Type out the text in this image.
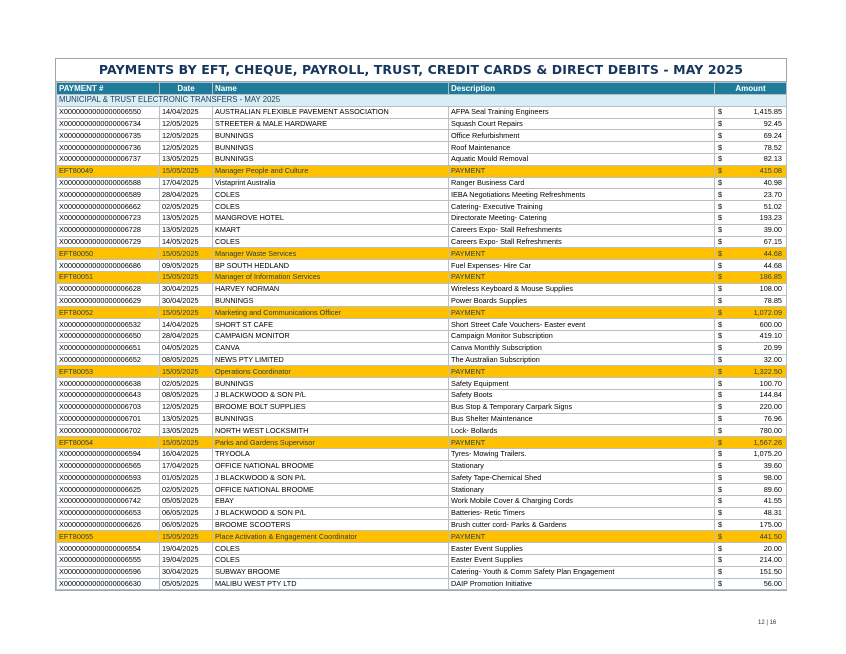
PAYMENTS BY EFT, CHEQUE, PAYROLL, TRUST, CREDIT CARDS & DIRECT DEBITS - MAY 2025
PAYMENT #	Date	Name	Description	Amount	
MUNICIPAL & TRUST ELECTRONIC TRANSFERS - MAY 2025					
X0000000000000006550	14/04/2025	AUSTRALIAN FLEXIBLE PAVEMENT ASSOCIATION	AFPA Seal Training Engineers	$	1,415.85
X0000000000000006734	12/05/2025	STREETER & MALE HARDWARE	Squash Court Repairs	$	92.45
X0000000000000006735	12/05/2025	BUNNINGS	Office Refurbishment	$	69.24
X0000000000000006736	12/05/2025	BUNNINGS	Roof Maintenance	$	78.52
X0000000000000006737	13/05/2025	BUNNINGS	Aquatic Mould Removal	$	82.13
EFT80049	15/05/2025	Manager People and Culture	PAYMENT	$	415.08
X0000000000000006588	17/04/2025	Vistaprint Australia	Ranger Business Card	$	40.98
X0000000000000006589	28/04/2025	COLES	IEBA Negotiations Meeting Refreshments	$	23.70
X0000000000000006662	02/05/2025	COLES	Catering- Executive Training	$	51.02
X0000000000000006723	13/05/2025	MANGROVE HOTEL	Directorate Meeting- Catering	$	193.23
X0000000000000006728	13/05/2025	KMART	Careers Expo- Stall Refreshments	$	39.00
X0000000000000006729	14/05/2025	COLES	Careers Expo- Stall Refreshments	$	67.15
EFT80050	15/05/2025	Manager Waste Services	PAYMENT	$	44.68
X0000000000000006686	09/05/2025	BP SOUTH HEDLAND	Fuel Expenses- Hire Car	$	44.68
EFT80051	15/05/2025	Manager of Information Services	PAYMENT	$	186.85
X0000000000000006628	30/04/2025	HARVEY NORMAN	Wireless Keyboard & Mouse Supplies	$	108.00
X0000000000000006629	30/04/2025	BUNNINGS	Power Boards Supplies	$	78.85
EFT80052	15/05/2025	Marketing and Communications Officer	PAYMENT	$	1,072.09
X0000000000000006532	14/04/2025	SHORT ST CAFE	Short Street Cafe Vouchers- Easter event	$	600.00
X0000000000000006650	28/04/2025	CAMPAIGN MONITOR	Campaign Monitor Subscription	$	419.10
X0000000000000006651	04/05/2025	CANVA	Canva Monthly Subscription	$	20.99
X0000000000000006652	08/05/2025	NEWS PTY LIMITED	The Australian Subscription	$	32.00
EFT80053	15/05/2025	Operations Coordinator	PAYMENT	$	1,322.50
X0000000000000006638	02/05/2025	BUNNINGS	Safety Equipment	$	100.70
X0000000000000006643	08/05/2025	J BLACKWOOD & SON P/L	Safety Boots	$	144.84
X0000000000000006703	12/05/2025	BROOME BOLT SUPPLIES	Bus Stop & Temporary Carpark Signs	$	220.00
X0000000000000006701	13/05/2025	BUNNINGS	Bus Shelter Maintenance	$	76.96
X0000000000000006702	13/05/2025	NORTH WEST LOCKSMITH	Lock- Bollards	$	780.00
EFT80054	15/05/2025	Parks and Gardens Supervisor	PAYMENT	$	1,567.26
X0000000000000006594	16/04/2025	TRYOOLA	Tyres- Mowing Trailers.	$	1,075.20
X0000000000000006565	17/04/2025	OFFICE NATIONAL BROOME	Stationary	$	39.60
X0000000000000006593	01/05/2025	J BLACKWOOD & SON P/L	Safety Tape-Chemical Shed	$	98.00
X0000000000000006625	02/05/2025	OFFICE NATIONAL BROOME	Stationary	$	89.60
X0000000000000006742	05/05/2025	EBAY	Work Mobile Cover & Charging Cords	$	41.55
X0000000000000006653	06/05/2025	J BLACKWOOD & SON P/L	Batteries- Retic Timers	$	48.31
X0000000000000006626	06/05/2025	BROOME SCOOTERS	Brush cutter cord- Parks & Gardens	$	175.00
EFT80055	15/05/2025	Place Activation & Engagement Coordinator	PAYMENT	$	441.50
X0000000000000006554	19/04/2025	COLES	Easter Event Supplies	$	20.00
X0000000000000006555	19/04/2025	COLES	Easter Event Supplies	$	214.00
X0000000000000006596	30/04/2025	SUBWAY BROOME	Catering- Youth & Comm Safety Plan Engagement	$	151.50
X0000000000000006630	05/05/2025	MALIBU WEST PTY LTD	DAIP Promotion Initiative	$	56.00
12 | 16
